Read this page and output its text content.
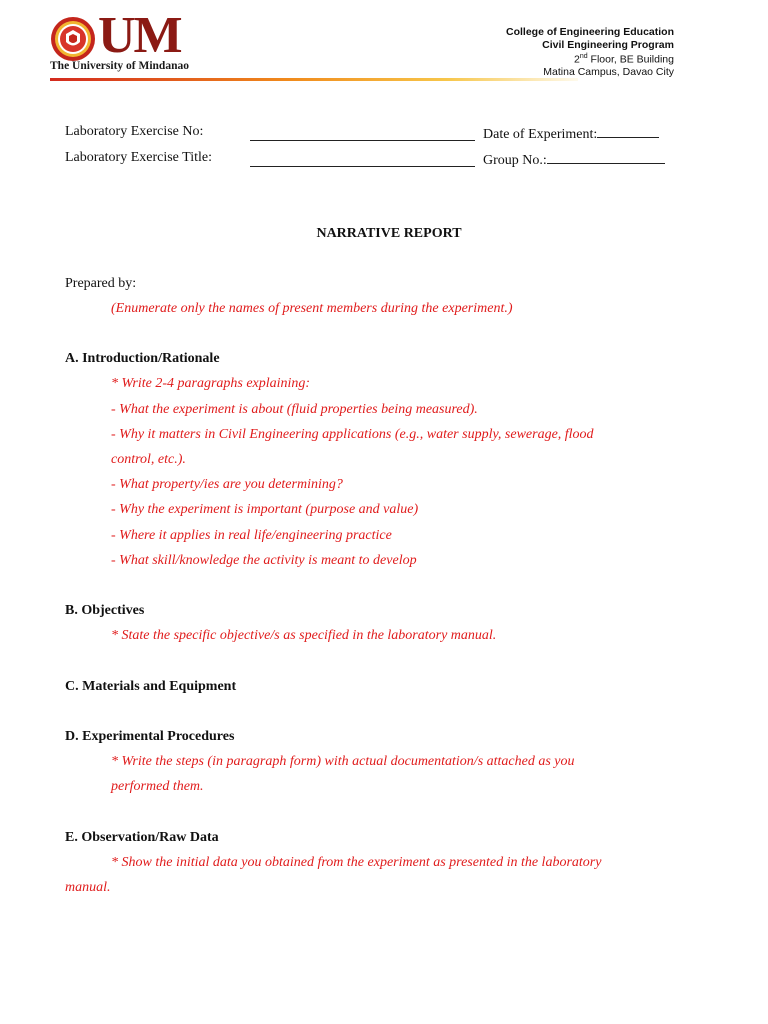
UM
The University of Mindanao
College of Engineering Education
Civil Engineering Program
2nd Floor, BE Building
Matina Campus, Davao City
Laboratory Exercise No:	Date of Experiment:
Laboratory Exercise Title:	Group No.:
NARRATIVE REPORT
Prepared by:
(Enumerate only the names of present members during the experiment.)
A. Introduction/Rationale
* Write 2-4 paragraphs explaining:
- What the experiment is about (fluid properties being measured).
- Why it matters in Civil Engineering applications (e.g., water supply, sewerage, flood
control, etc.).
- What property/ies are you determining?
- Why the experiment is important (purpose and value)
- Where it applies in real life/engineering practice
- What skill/knowledge the activity is meant to develop
B. Objectives
* State the specific objective/s as specified in the laboratory manual.
C. Materials and Equipment
D. Experimental Procedures
* Write the steps (in paragraph form) with actual documentation/s attached as you
performed them.
E. Observation/Raw Data
* Show the initial data you obtained from the experiment as presented in the laboratory
manual.
